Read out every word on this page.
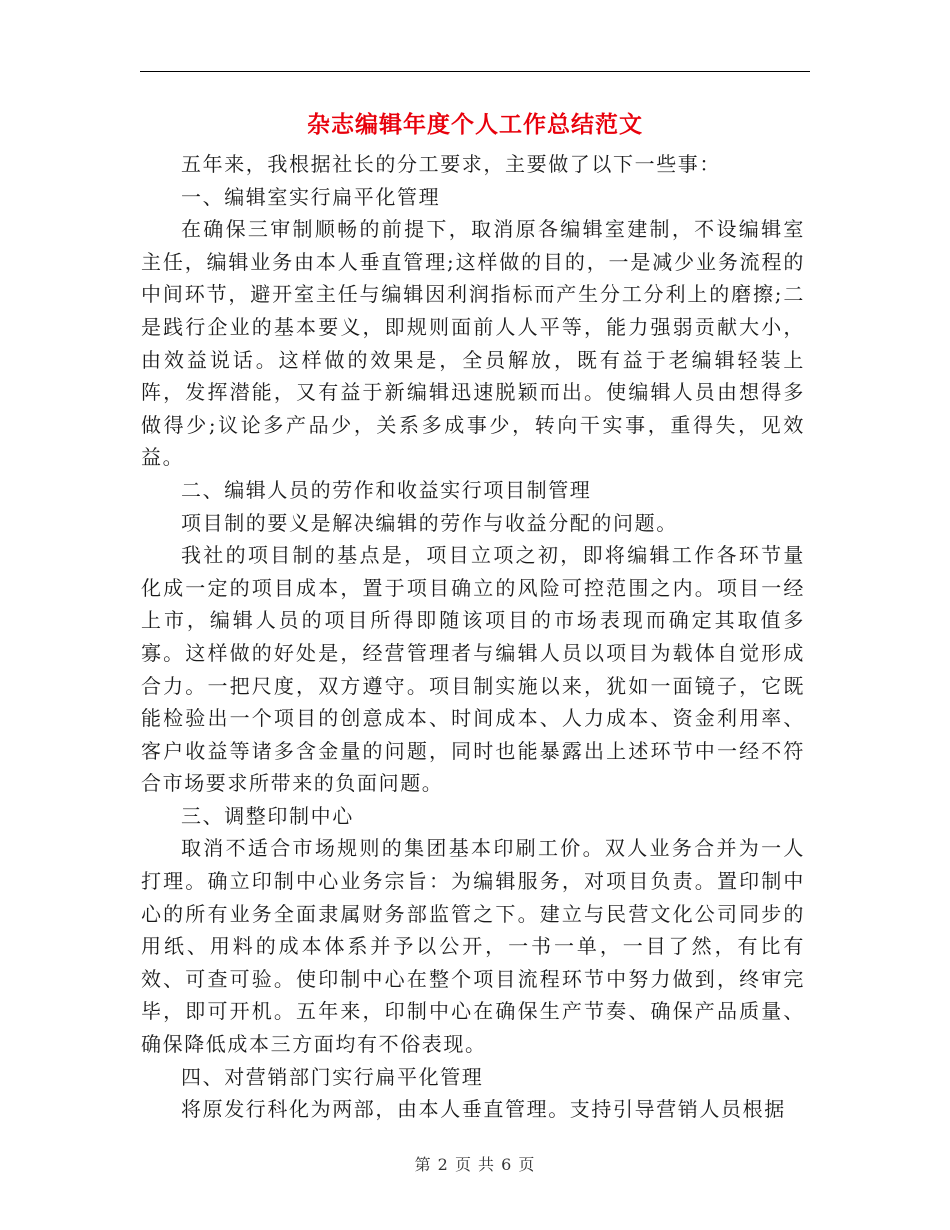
杂志编辑年度个人工作总结范文

五年来，我根据社长的分工要求，主要做了以下一些事：

一、编辑室实行扁平化管理

在确保三审制顺畅的前提下，取消原各编辑室建制，不设编辑室主任，编辑业务由本人垂直管理;这样做的目的，一是减少业务流程的中间环节，避开室主任与编辑因利润指标而产生分工分利上的磨擦;二是践行企业的基本要义，即规则面前人人平等，能力强弱贡献大小，由效益说话。这样做的效果是，全员解放，既有益于老编辑轻装上阵，发挥潜能，又有益于新编辑迅速脱颖而出。使编辑人员由想得多做得少;议论多产品少，关系多成事少，转向干实事，重得失，见效益。

二、编辑人员的劳作和收益实行项目制管理

项目制的要义是解决编辑的劳作与收益分配的问题。

我社的项目制的基点是，项目立项之初，即将编辑工作各环节量化成一定的项目成本，置于项目确立的风险可控范围之内。项目一经上市，编辑人员的项目所得即随该项目的市场表现而确定其取值多寡。这样做的好处是，经营管理者与编辑人员以项目为载体自觉形成合力。一把尺度，双方遵守。项目制实施以来，犹如一面镜子，它既能检验出一个项目的创意成本、时间成本、人力成本、资金利用率、客户收益等诸多含金量的问题，同时也能暴露出上述环节中一经不符合市场要求所带来的负面问题。

三、调整印制中心

取消不适合市场规则的集团基本印刷工价。双人业务合并为一人打理。确立印制中心业务宗旨：为编辑服务，对项目负责。置印制中心的所有业务全面隶属财务部监管之下。建立与民营文化公司同步的用纸、用料的成本体系并予以公开，一书一单，一目了然，有比有效、可查可验。使印制中心在整个项目流程环节中努力做到，终审完毕，即可开机。五年来，印制中心在确保生产节奏、确保产品质量、确保降低成本三方面均有不俗表现。

四、对营销部门实行扁平化管理

将原发行科化为两部，由本人垂直管理。支持引导营销人员根据

第 2 页 共 6 页
